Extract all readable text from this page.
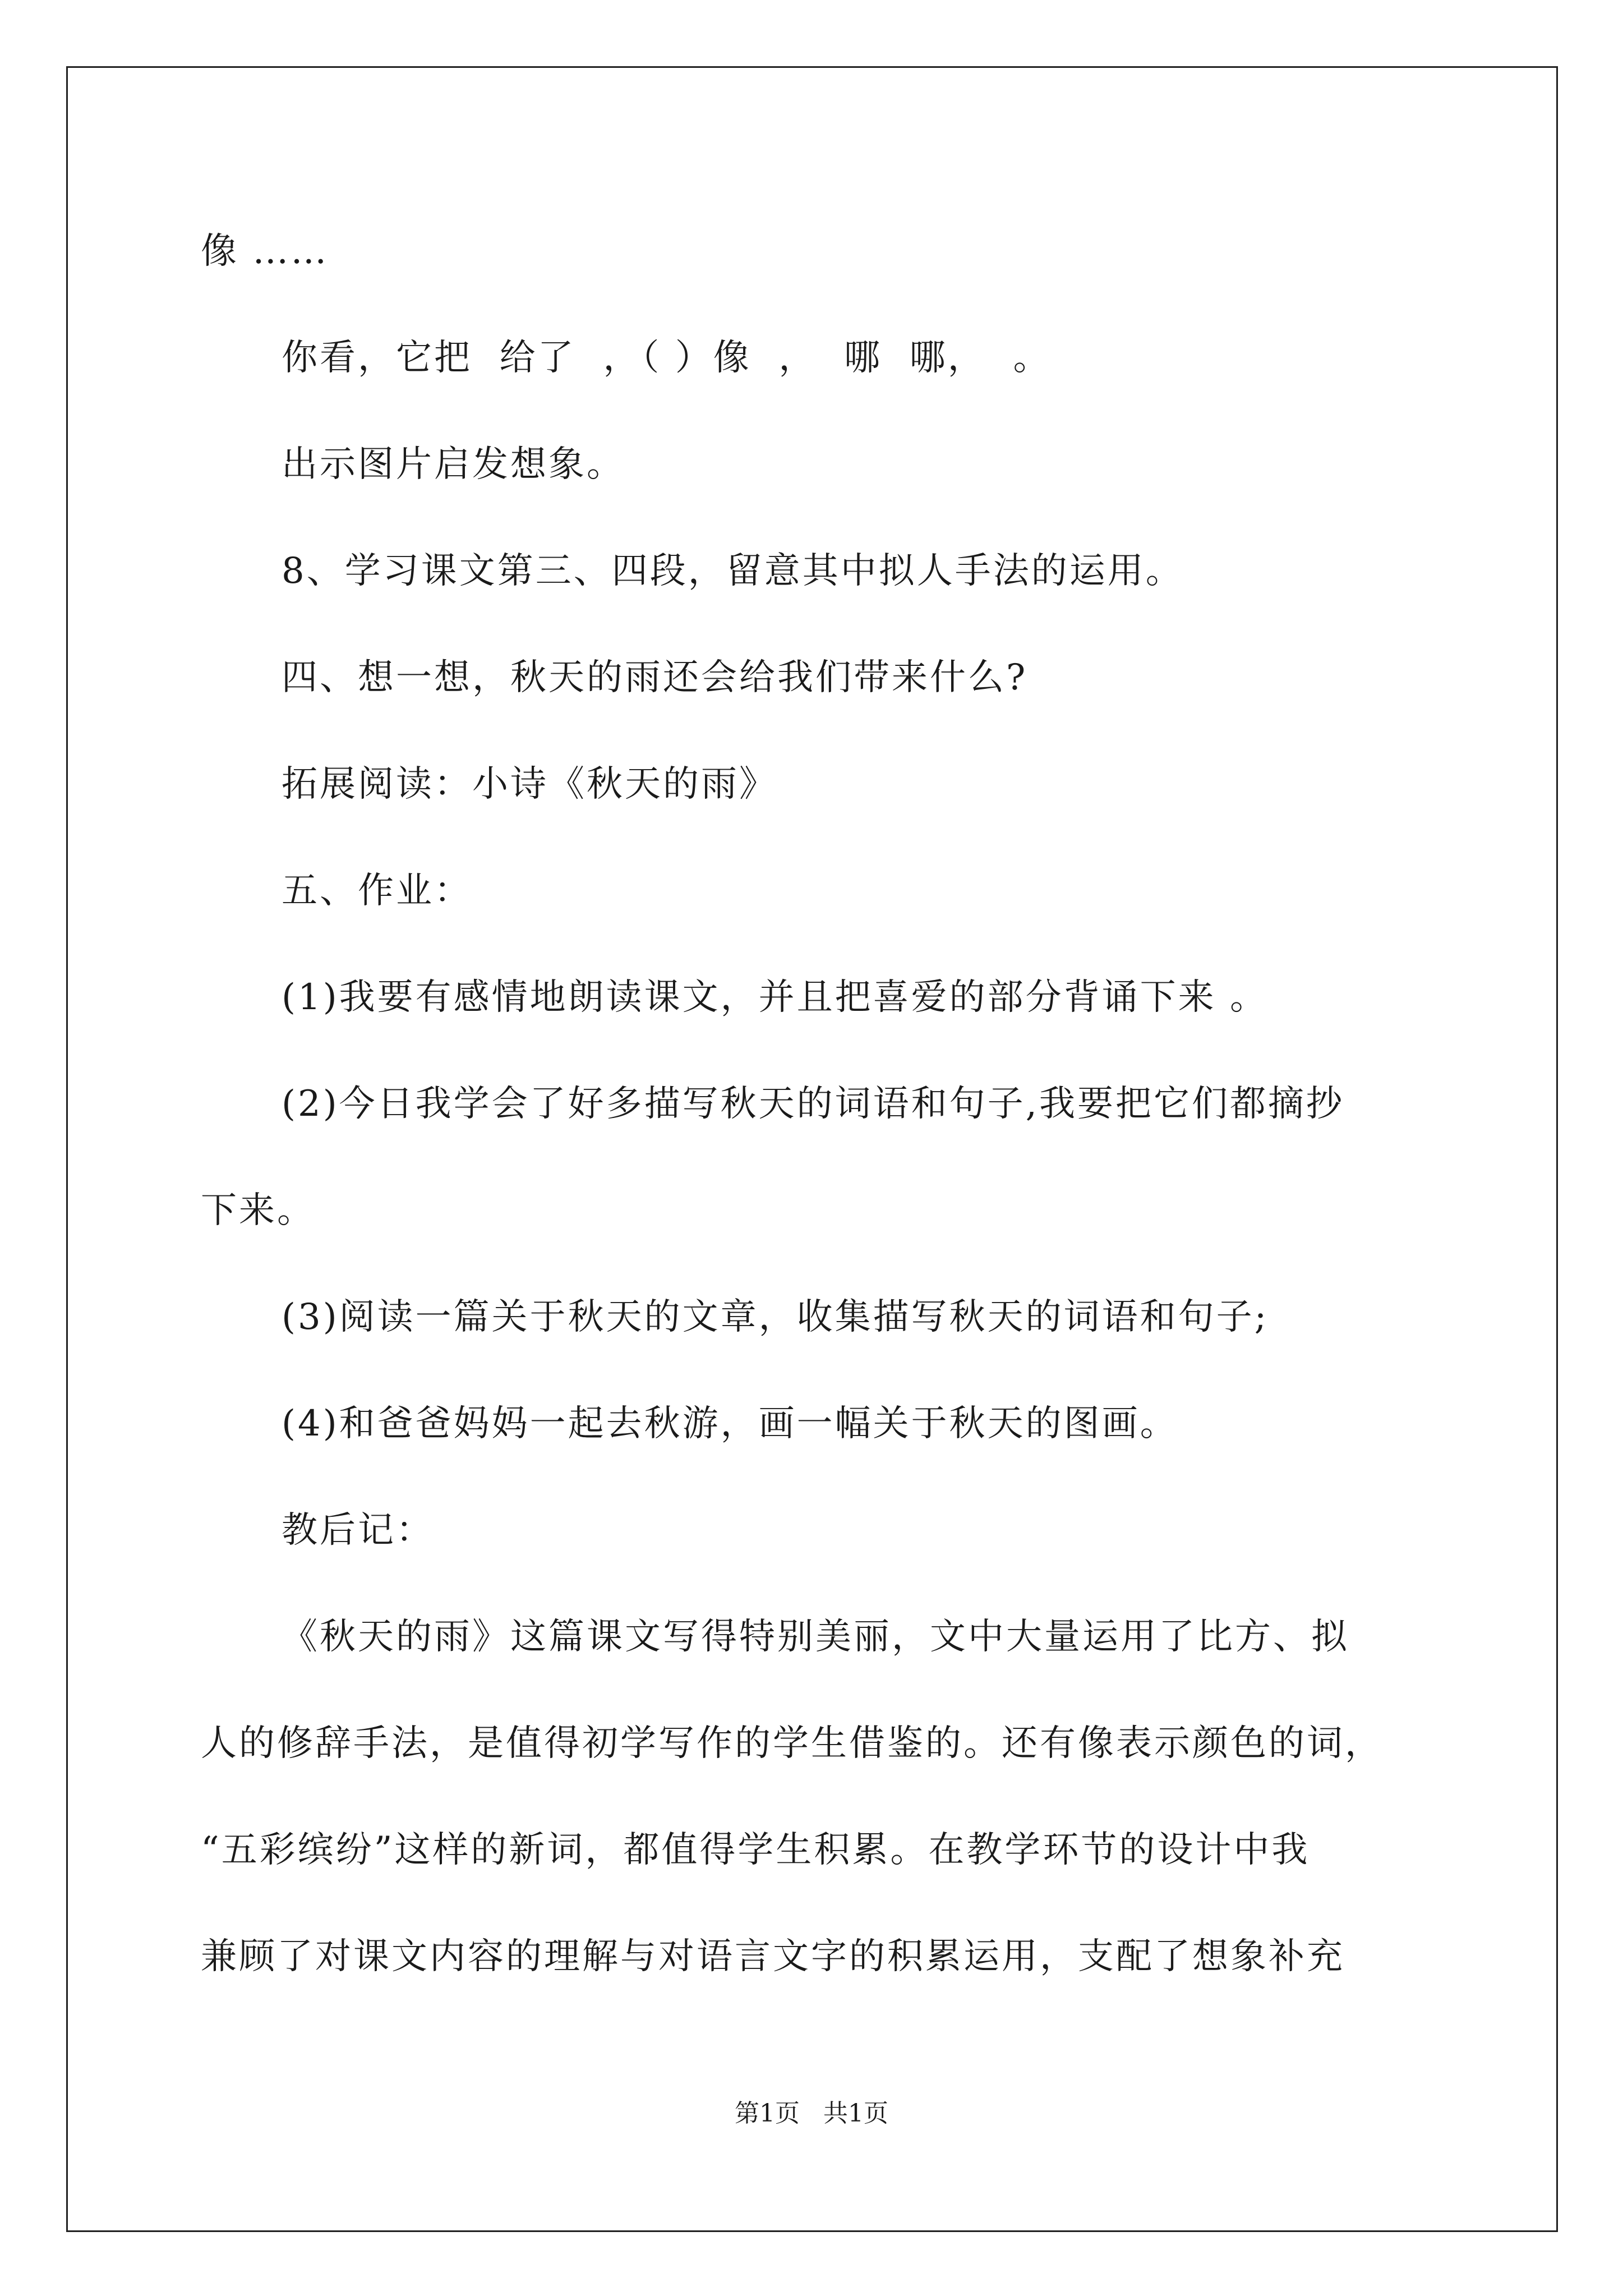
像 ……
你看，它把  给了  ，（ ）像  ，  哪  哪，  。
出示图片启发想象。
8、学习课文第三、四段，留意其中拟人手法的运用。
四、想一想，秋天的雨还会给我们带来什么?
拓展阅读：小诗《秋天的雨》
五、作业：
(1)我要有感情地朗读课文，并且把喜爱的部分背诵下来 。
(2)今日我学会了好多描写秋天的词语和句子,我要把它们都摘抄
下来。
(3)阅读一篇关于秋天的文章，收集描写秋天的词语和句子;
(4)和爸爸妈妈一起去秋游，画一幅关于秋天的图画。
教后记：
《秋天的雨》这篇课文写得特别美丽，文中大量运用了比方、拟
人的修辞手法，是值得初学写作的学生借鉴的。还有像表示颜色的词，
“五彩缤纷”这样的新词，都值得学生积累。在教学环节的设计中我
兼顾了对课文内容的理解与对语言文字的积累运用，支配了想象补充
第1页   共1页
